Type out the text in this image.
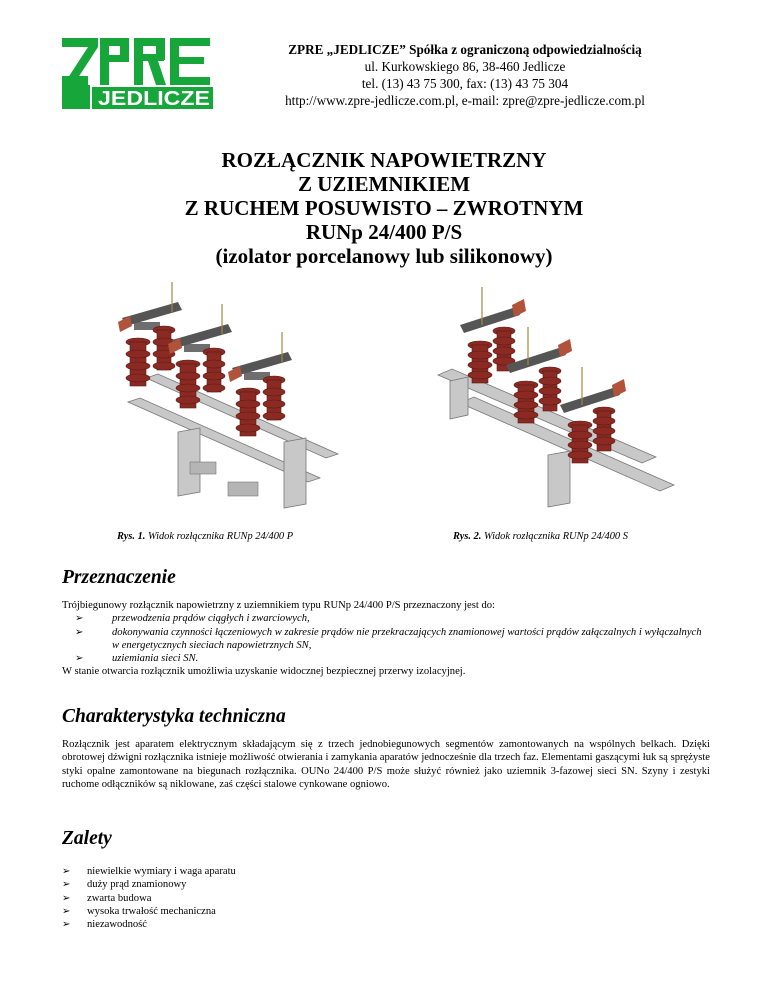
JEDLICZE
ZPRE „JEDLICZE” Spółka z ograniczoną odpowiedzialnością
ul. Kurkowskiego 86, 38-460 Jedlicze
tel. (13) 43 75 300, fax: (13) 43 75 304
http://www.zpre-jedlicze.com.pl, e-mail: zpre@zpre-jedlicze.com.pl
ROZŁĄCZNIK NAPOWIETRZNY
Z UZIEMNIKIEM
Z RUCHEM POSUWISTO – ZWROTNYM
RUNp 24/400 P/S
(izolator porcelanowy lub silikonowy)
Rys. 1. Widok rozłącznika RUNp 24/400 P	Rys. 2. Widok rozłącznika RUNp 24/400 S
Przeznaczenie
Trójbiegunowy rozłącznik napowietrzny z uziemnikiem typu RUNp 24/400 P/S przeznaczony jest do:
➢	przewodzenia prądów ciągłych i zwarciowych,
➢	dokonywania czynności łączeniowych w zakresie prądów nie przekraczających znamionowej wartości prądów załączalnych i wyłączalnych w energetycznych sieciach napowietrznych SN,
➢	uziemiania sieci SN.
W stanie otwarcia rozłącznik umożliwia uzyskanie widocznej bezpiecznej przerwy izolacyjnej.
Charakterystyka techniczna
Rozłącznik jest aparatem elektrycznym składającym się z trzech jednobiegunowych segmentów zamontowanych na wspólnych belkach. Dzięki obrotowej dźwigni rozłącznika istnieje możliwość otwierania i zamykania aparatów jednocześnie dla trzech faz. Elementami gaszącymi łuk są sprężyste styki opalne zamontowane na biegunach rozłącznika. OUNo 24/400 P/S może służyć również jako uziemnik 3-fazowej sieci SN. Szyny i zestyki ruchome odłączników są niklowane, zaś części stalowe cynkowane ogniowo.
Zalety
➢ niewielkie wymiary i waga aparatu
➢ duży prąd znamionowy
➢ zwarta budowa
➢ wysoka trwałość mechaniczna
➢ niezawodność
